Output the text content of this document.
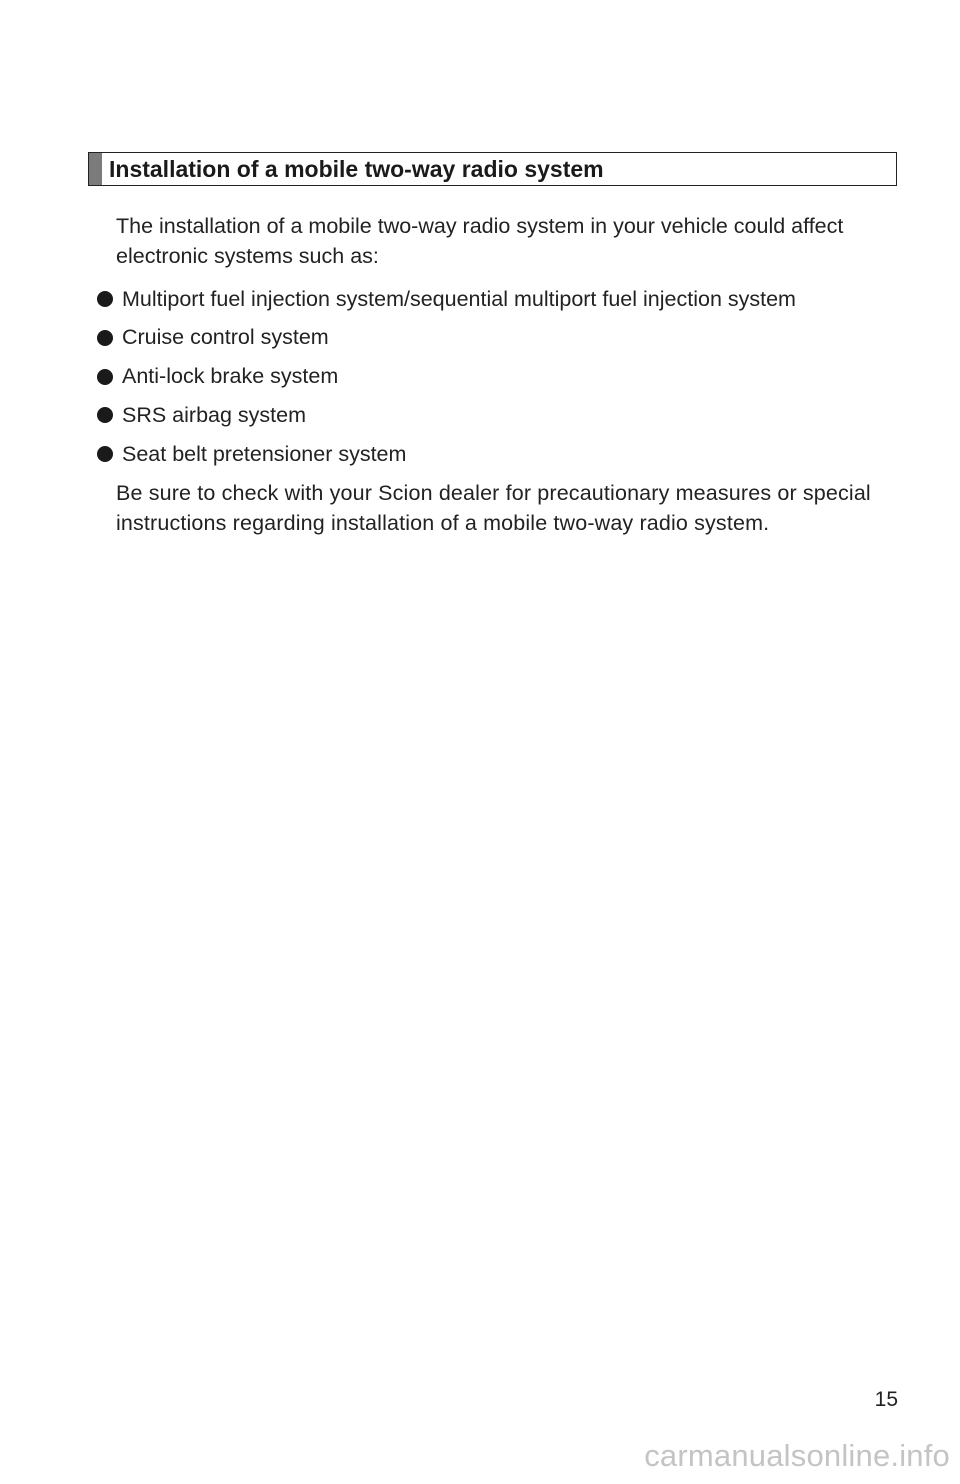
Installation of a mobile two-way radio system

The installation of a mobile two-way radio system in your vehicle could affect electronic systems such as:

Multiport fuel injection system/sequential multiport fuel injection system
Cruise control system
Anti-lock brake system
SRS airbag system
Seat belt pretensioner system

Be sure to check with your Scion dealer for precautionary measures or special instructions regarding installation of a mobile two-way radio system.

15
carmanualsonline.info
